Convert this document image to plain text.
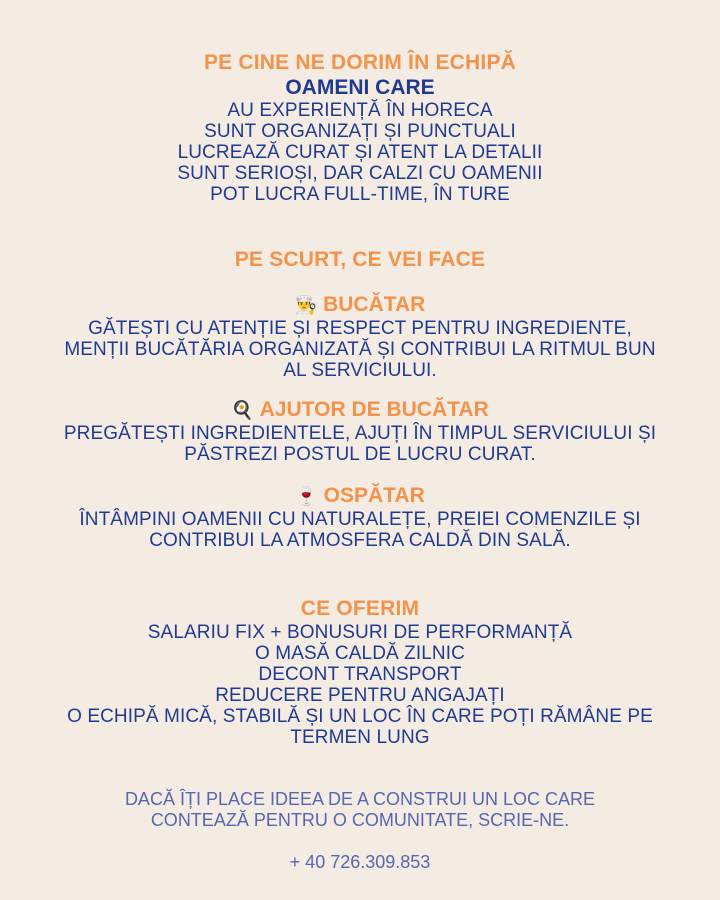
PE CINE NE DORIM ÎN ECHIPĂ
OAMENI CARE

AU EXPERIENȚĂ ÎN HORECA

SUNT ORGANIZAȚI ȘI PUNCTUALI

LUCREAZĂ CURAT ȘI ATENT LA DETALII

SUNT SERIOȘI, DAR CALZI CU OAMENII

POT LUCRA FULL-TIME, ÎN TURE

PE SCURT, CE VEI FACE
👨‍🍳 BUCĂTAR

GĂTEȘTI CU ATENȚIE ȘI RESPECT PENTRU INGREDIENTE,

MENȚII BUCĂTĂRIA ORGANIZATĂ ȘI CONTRIBUI LA RITMUL BUN

AL SERVICIULUI.

🍳 AJUTOR DE BUCĂTAR

PREGĂTEȘTI INGREDIENTELE, AJUȚI ÎN TIMPUL SERVICIULUI ȘI

PĂSTREZI POSTUL DE LUCRU CURAT.

🍷 OSPĂTAR

ÎNTÂMPINI OAMENII CU NATURALEȚE, PREIEI COMENZILE ȘI

CONTRIBUI LA ATMOSFERA CALDĂ DIN SALĂ.

CE OFERIM

SALARIU FIX + BONUSURI DE PERFORMANȚĂ

O MASĂ CALDĂ ZILNIC

DECONT TRANSPORT

REDUCERE PENTRU ANGAJAȚI

O ECHIPĂ MICĂ, STABILĂ ȘI UN LOC ÎN CARE POȚI RĂMÂNE PE

TERMEN LUNG

DACĂ ÎȚI PLACE IDEEA DE A CONSTRUI UN LOC CARE

CONTEAZĂ PENTRU O COMUNITATE, SCRIE-NE.

+ 40 726.309.853
